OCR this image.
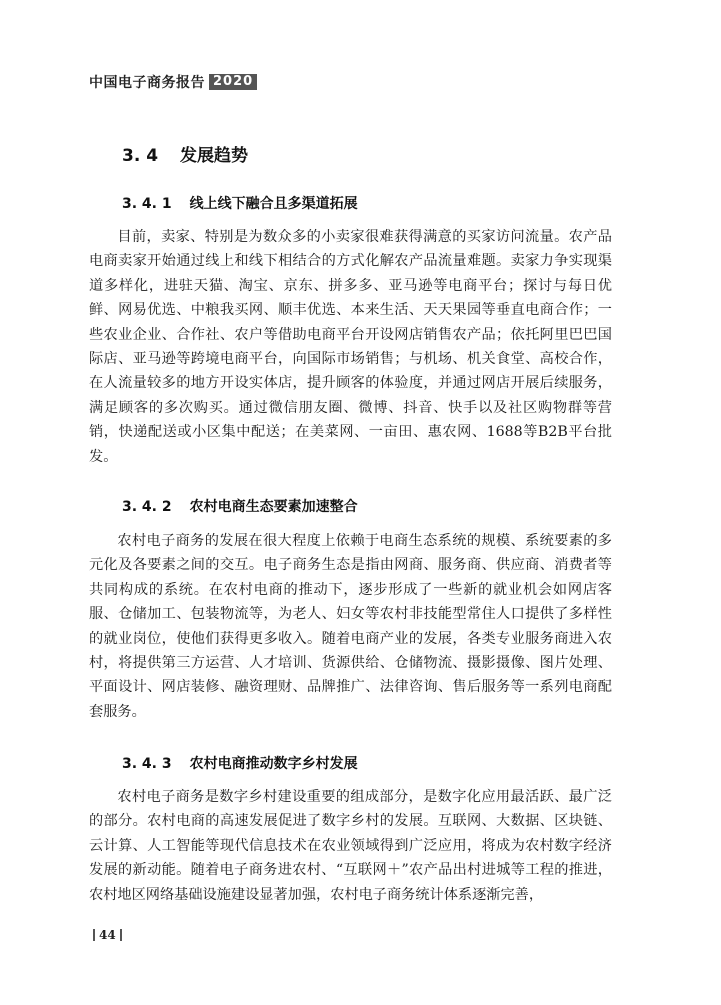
中国电子商务报告 2020
3. 4 发展趋势
3. 4. 1 线上线下融合且多渠道拓展

目前，卖家、特别是为数众多的小卖家很难获得满意的买家访问流量。农产品电商卖家开始通过线上和线下相结合的方式化解农产品流量难题。卖家力争实现渠道多样化，进驻天猫、淘宝、京东、拼多多、亚马逊等电商平台；探讨与每日优鲜、网易优选、中粮我买网、顺丰优选、本来生活、天天果园等垂直电商合作；一些农业企业、合作社、农户等借助电商平台开设网店销售农产品；依托阿里巴巴国际店、亚马逊等跨境电商平台，向国际市场销售；与机场、机关食堂、高校合作，在人流量较多的地方开设实体店，提升顾客的体验度，并通过网店开展后续服务，满足顾客的多次购买。通过微信朋友圈、微博、抖音、快手以及社区购物群等营销，快递配送或小区集中配送；在美菜网、一亩田、惠农网、1688等B2B平台批发。

3. 4. 2 农村电商生态要素加速整合

农村电子商务的发展在很大程度上依赖于电商生态系统的规模、系统要素的多元化及各要素之间的交互。电子商务生态是指由网商、服务商、供应商、消费者等共同构成的系统。在农村电商的推动下，逐步形成了一些新的就业机会如网店客服、仓储加工、包装物流等，为老人、妇女等农村非技能型常住人口提供了多样性的就业岗位，使他们获得更多收入。随着电商产业的发展，各类专业服务商进入农村，将提供第三方运营、人才培训、货源供给、仓储物流、摄影摄像、图片处理、平面设计、网店装修、融资理财、品牌推广、法律咨询、售后服务等一系列电商配套服务。

3. 4. 3 农村电商推动数字乡村发展

农村电子商务是数字乡村建设重要的组成部分，是数字化应用最活跃、最广泛的部分。农村电商的高速发展促进了数字乡村的发展。互联网、大数据、区块链、云计算、人工智能等现代信息技术在农业领域得到广泛应用，将成为农村数字经济发展的新动能。随着电子商务进农村、“互联网＋”农产品出村进城等工程的推进，农村地区网络基础设施建设显著加强，农村电子商务统计体系逐渐完善，

44
